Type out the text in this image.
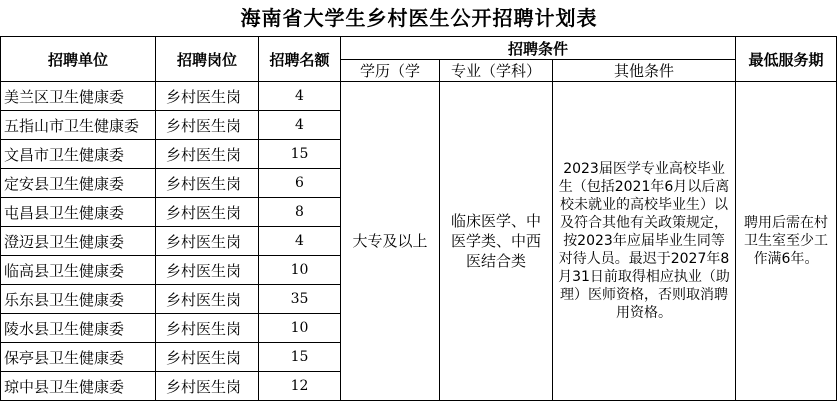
海南省大学生乡村医生公开招聘计划表
招聘单位	招聘岗位	招聘名额	招聘条件			最低服务期
			学历（学	专业（学科）	其他条件	
美兰区卫生健康委	乡村医生岗	4	大专及以上	临床医学、中医学类、中西医结合类	2023届医学专业高校毕业生（包括2021年6月以后离校未就业的高校毕业生）以及符合其他有关政策规定，按2023年应届毕业生同等对待人员。最迟于2027年8月31日前取得相应执业（助理）医师资格，否则取消聘用资格。	聘用后需在村卫生室至少工作满6年。
五指山市卫生健康委	乡村医生岗	4				
文昌市卫生健康委	乡村医生岗	15				
定安县卫生健康委	乡村医生岗	6				
屯昌县卫生健康委	乡村医生岗	8				
澄迈县卫生健康委	乡村医生岗	4				
临高县卫生健康委	乡村医生岗	10				
乐东县卫生健康委	乡村医生岗	35				
陵水县卫生健康委	乡村医生岗	10				
保亭县卫生健康委	乡村医生岗	15				
琼中县卫生健康委	乡村医生岗	12				
